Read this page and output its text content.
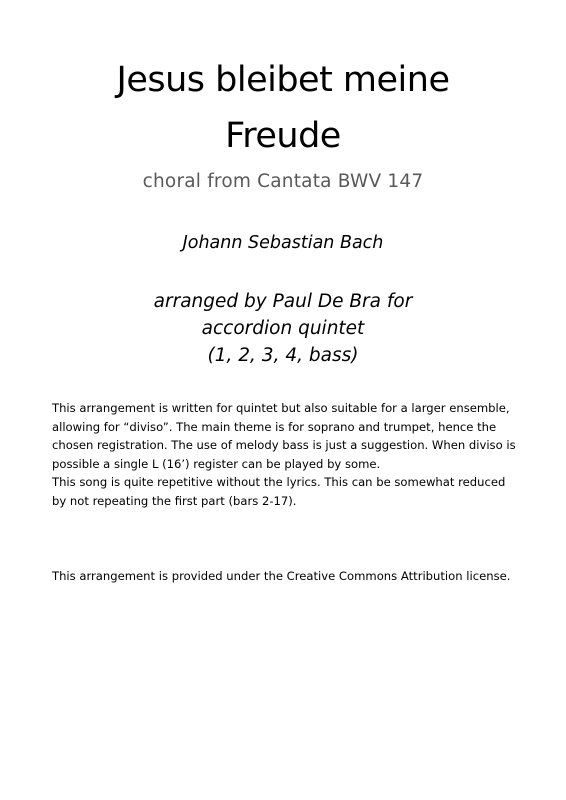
Jesus bleibet meine
Freude
choral from Cantata BWV 147
Johann Sebastian Bach
arranged by Paul De Bra for
accordion quintet
(1, 2, 3, 4, bass)

This arrangement is written for quintet but also suitable for a larger ensemble, allowing for “diviso”. The main theme is for soprano and trumpet, hence the chosen registration. The use of melody bass is just a suggestion. When diviso is possible a single L (16’) register can be played by some.

This song is quite repetitive without the lyrics. This can be somewhat reduced by not repeating the first part (bars 2-17).

This arrangement is provided under the Creative Commons Attribution license.
